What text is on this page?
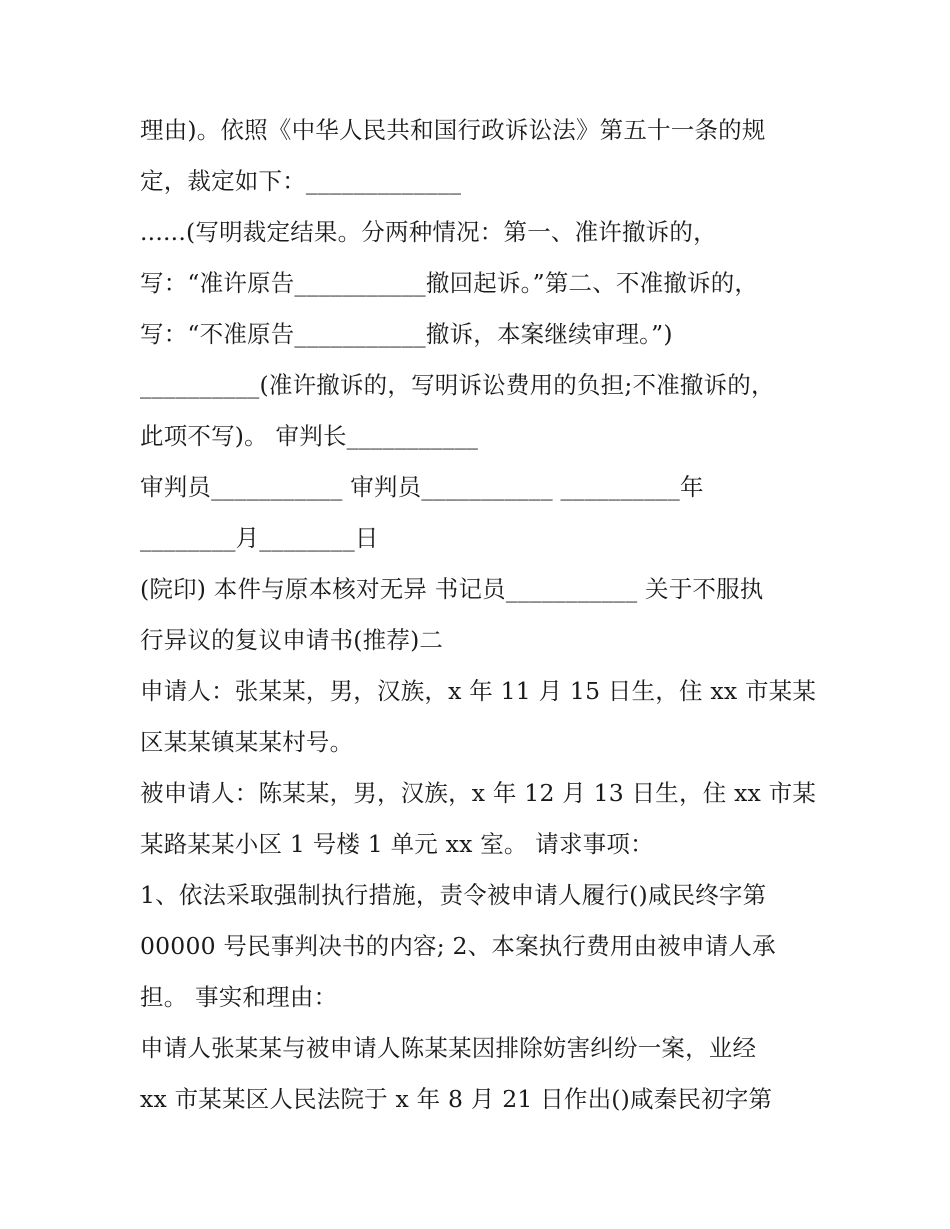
理由)。依照《中华人民共和国行政诉讼法》第五十一条的规
定，裁定如下：_____________
......(写明裁定结果。分两种情况：第一、准许撤诉的，
写：“准许原告___________撤回起诉。”第二、不准撤诉的，
写：“不准原告___________撤诉，本案继续审理。”)
__________(准许撤诉的，写明诉讼费用的负担;不准撤诉的，
此项不写)。 审判长___________
审判员___________ 审判员___________ __________年
________月________日
(院印) 本件与原本核对无异 书记员___________ 关于不服执
行异议的复议申请书(推荐)二
申请人：张某某，男，汉族，x 年 11 月 15 日生，住 xx 市某某
区某某镇某某村号。
被申请人：陈某某，男，汉族，x 年 12 月 13 日生，住 xx 市某
某路某某小区 1 号楼 1 单元 xx 室。 请求事项：
1、依法采取强制执行措施，责令被申请人履行()咸民终字第
00000 号民事判决书的内容; 2、本案执行费用由被申请人承
担。 事实和理由：
申请人张某某与被申请人陈某某因排除妨害纠纷一案，业经
xx 市某某区人民法院于 x 年 8 月 21 日作出()咸秦民初字第
